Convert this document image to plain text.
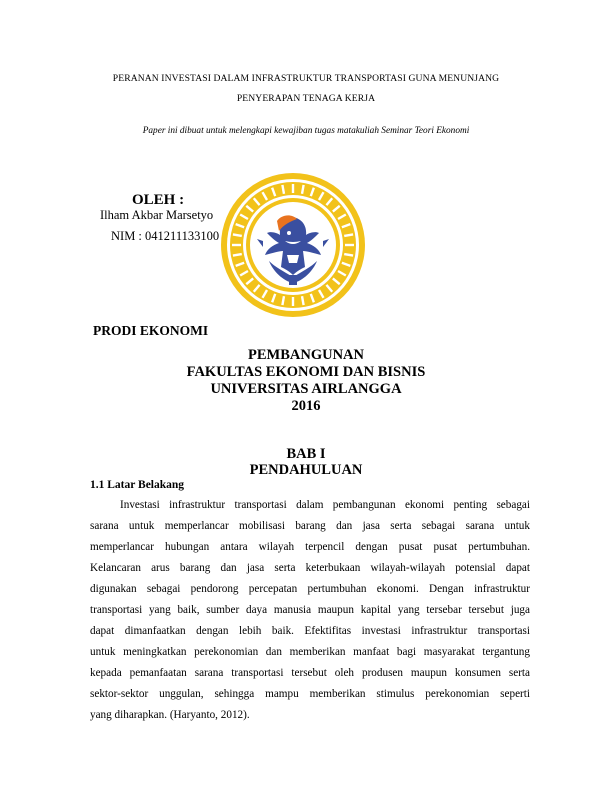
PERANAN INVESTASI DALAM INFRASTRUKTUR TRANSPORTASI GUNA MENUNJANG
PENYERAPAN TENAGA KERJA
Paper ini dibuat untuk melengkapi kewajiban tugas matakuliah Seminar Teori Ekonomi
OLEH :
Ilham Akbar Marsetyo
NIM : 041211133100
PRODI EKONOMI
PEMBANGUNAN
FAKULTAS EKONOMI DAN BISNIS
UNIVERSITAS AIRLANGGA
2016
BAB I
PENDAHULUAN
1.1 Latar Belakang
Investasi infrastruktur transportasi dalam pembangunan ekonomi penting sebagai
sarana untuk memperlancar mobilisasi barang dan jasa serta sebagai sarana untuk
memperlancar hubungan antara wilayah terpencil dengan pusat pusat pertumbuhan.
Kelancaran arus barang dan jasa serta keterbukaan wilayah-wilayah potensial dapat
digunakan sebagai pendorong percepatan pertumbuhan ekonomi. Dengan infrastruktur
transportasi yang baik, sumber daya manusia maupun kapital yang tersebar tersebut juga
dapat dimanfaatkan dengan lebih baik. Efektifitas investasi infrastruktur transportasi
untuk meningkatkan perekonomian dan memberikan manfaat bagi masyarakat tergantung
kepada pemanfaatan sarana transportasi tersebut oleh produsen maupun konsumen serta
sektor-sektor unggulan, sehingga mampu memberikan stimulus perekonomian seperti
yang diharapkan. (Haryanto, 2012).
